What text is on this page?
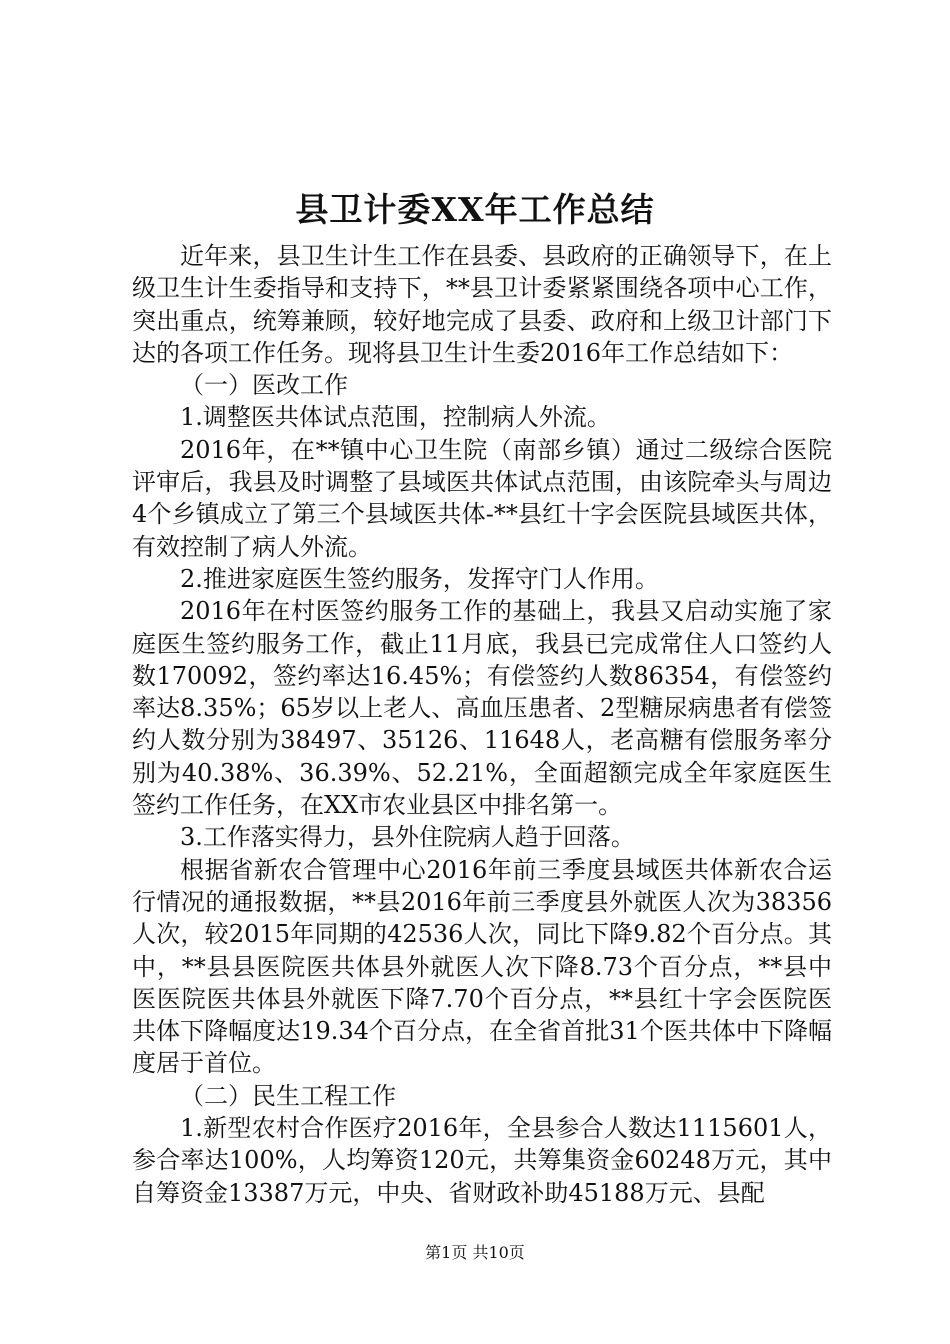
县卫计委XX年工作总结

近年来，县卫生计生工作在县委、县政府的正确领导下，在上级卫生计生委指导和支持下，**县卫计委紧紧围绕各项中心工作，突出重点，统筹兼顾，较好地完成了县委、政府和上级卫计部门下达的各项工作任务。现将县卫生计生委2016年工作总结如下：

（一）医改工作

1.调整医共体试点范围，控制病人外流。

2016年，在**镇中心卫生院（南部乡镇）通过二级综合医院评审后，我县及时调整了县域医共体试点范围，由该院牵头与周边4个乡镇成立了第三个县域医共体-**县红十字会医院县域医共体，有效控制了病人外流。

2.推进家庭医生签约服务，发挥守门人作用。

2016年在村医签约服务工作的基础上，我县又启动实施了家庭医生签约服务工作，截止11月底，我县已完成常住人口签约人数170092，签约率达16.45%；有偿签约人数86354，有偿签约率达8.35%；65岁以上老人、高血压患者、2型糖尿病患者有偿签约人数分别为38497、35126、11648人，老高糖有偿服务率分别为40.38%、36.39%、52.21%，全面超额完成全年家庭医生签约工作任务，在XX市农业县区中排名第一。

3.工作落实得力，县外住院病人趋于回落。

根据省新农合管理中心2016年前三季度县域医共体新农合运行情况的通报数据，**县2016年前三季度县外就医人次为38356人次，较2015年同期的42536人次，同比下降9.82个百分点。其中，**县县医院医共体县外就医人次下降8.73个百分点，**县中医医院医共体县外就医下降7.70个百分点，**县红十字会医院医共体下降幅度达19.34个百分点，在全省首批31个医共体中下降幅度居于首位。

（二）民生工程工作

1.新型农村合作医疗2016年，全县参合人数达1115601人，参合率达100%，人均筹资120元，共筹集资金60248万元，其中自筹资金13387万元，中央、省财政补助45188万元、县配

第1页 共10页
